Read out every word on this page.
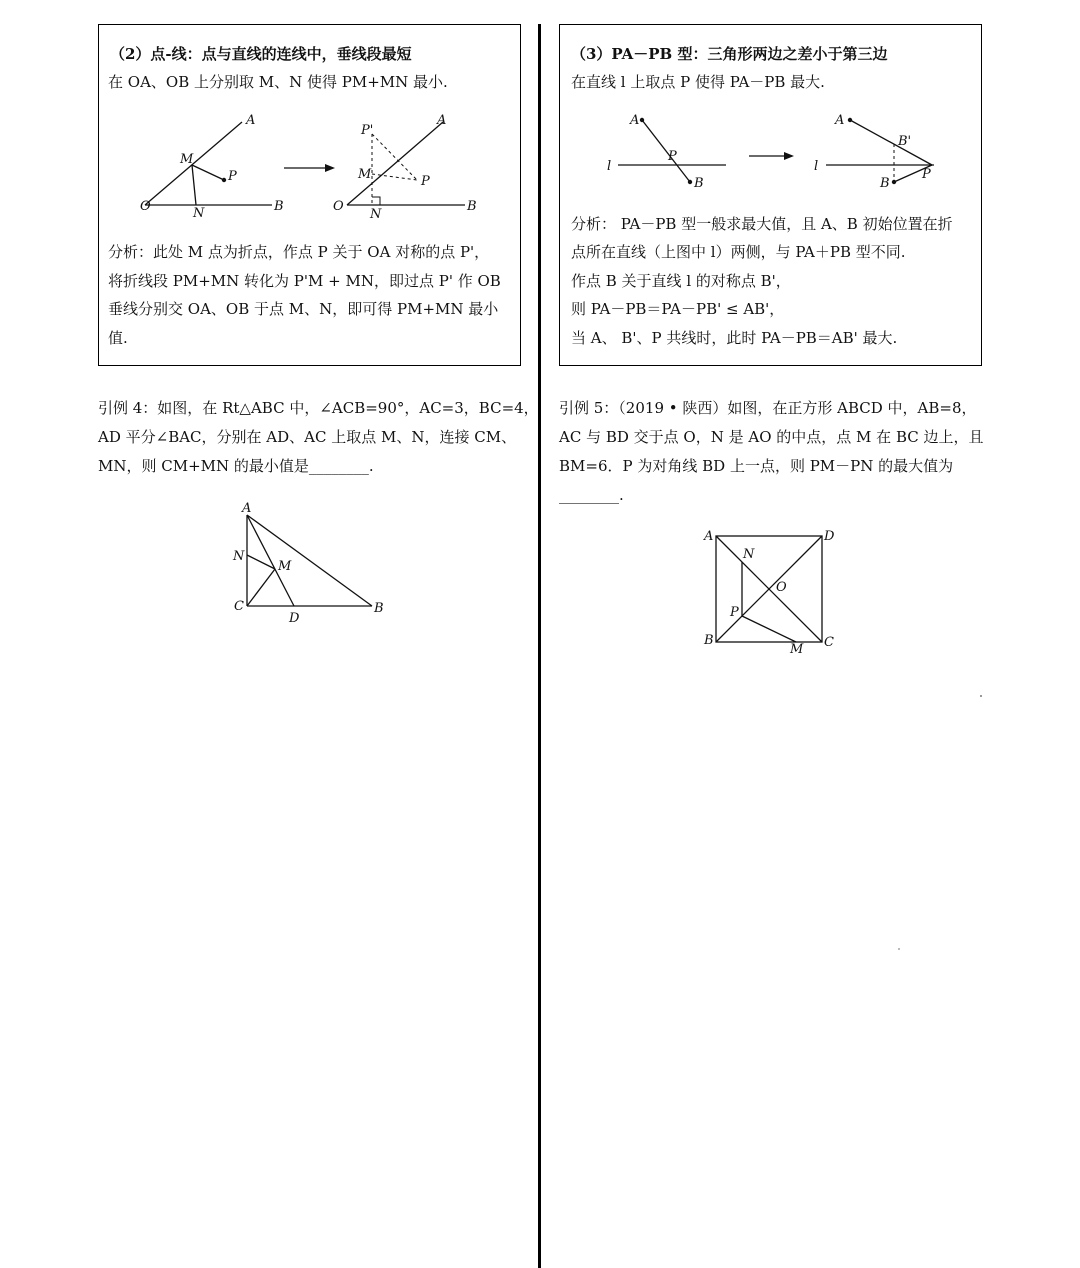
（2）点-线：点与直线的连线中，垂线段最短
在 OA、OB 上分别取 M、N 使得 PM+MN 最小.
A
M
P
O	N	B
P'
A
M	P
O
N
B
分析：此处 M 点为折点，作点 P 关于 OA 对称的点 P'，
将折线段 PM+MN 转化为 P'M + MN，即过点 P' 作 OB
垂线分别交 OA、OB 于点 M、N，即可得 PM+MN 最小
值.
（3）PA－PB 型：三角形两边之差小于第三边
在直线 l 上取点 P 使得 PA－PB 最大.
A
P
l
B
A
B'
l
P
B
分析： PA－PB 型一般求最大值，且 A、B 初始位置在折
点所在直线（上图中 l）两侧，与 PA＋PB 型不同.
作点 B 关于直线 l 的对称点 B'，
则 PA－PB＝PA－PB' ≤ AB'，
当 A、 B'、P 共线时，此时 PA－PB＝AB' 最大.
引例 4：如图，在 Rt△ABC 中，∠ACB=90°，AC=3，BC=4，
AD 平分∠BAC，分别在 AD、AC 上取点 M、N，连接 CM、
MN，则 CM+MN 的最小值是________.
A
N
M
C
D
B
引例 5：（2019 • 陕西）如图，在正方形 ABCD 中，AB=8，
AC 与 BD 交于点 O，N 是 AO 的中点，点 M 在 BC 边上，且
BM=6．P 为对角线 BD 上一点，则 PM－PN 的最大值为
________.
A	D
N
O
P
B
M C
